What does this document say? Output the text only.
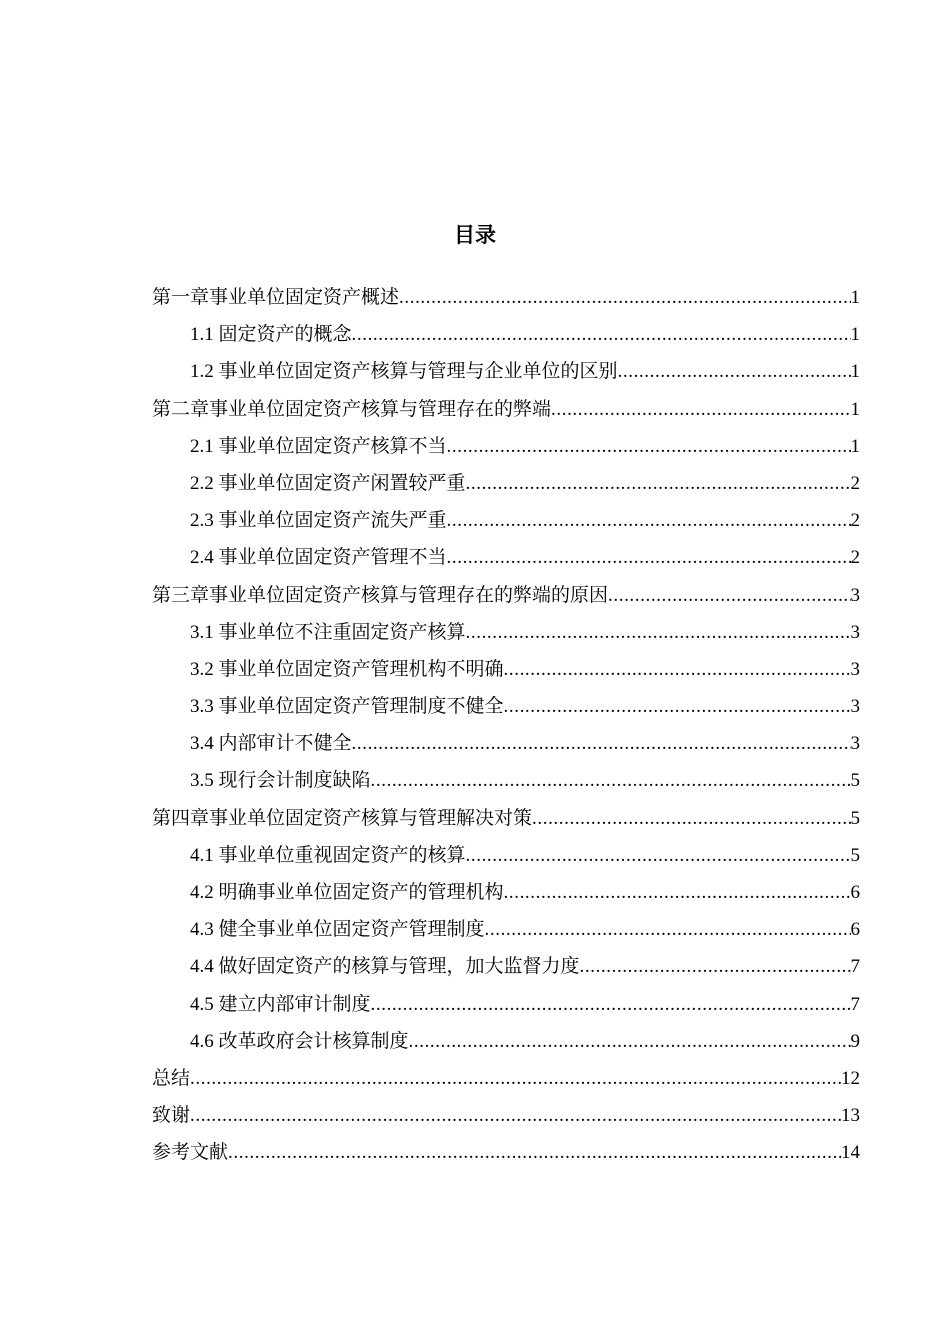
目录
第一章事业单位固定资产概述 .....	1
1.1 固定资产的概念 .....	1
1.2 事业单位固定资产核算与管理与企业单位的区别 .....	1
第二章事业单位固定资产核算与管理存在的弊端 .....	1
2.1 事业单位固定资产核算不当 .....	1
2.2 事业单位固定资产闲置较严重 .....	2
2.3 事业单位固定资产流失严重 .....	2
2.4 事业单位固定资产管理不当 .....	2
第三章事业单位固定资产核算与管理存在的弊端的原因 .....	3
3.1 事业单位不注重固定资产核算 .....	3
3.2 事业单位固定资产管理机构不明确 .....	3
3.3 事业单位固定资产管理制度不健全 .....	3
3.4 内部审计不健全 .....	3
3.5 现行会计制度缺陷 .....	5
第四章事业单位固定资产核算与管理解决对策 .....	5
4.1 事业单位重视固定资产的核算 .....	5
4.2 明确事业单位固定资产的管理机构 .....	6
4.3 健全事业单位固定资产管理制度 .....	6
4.4 做好固定资产的核算与管理，加大监督力度 .....	7
4.5 建立内部审计制度 .....	7
4.6 改革政府会计核算制度 .....	9
总结 .....	12
致谢 .....	13
参考文献 .....	14
